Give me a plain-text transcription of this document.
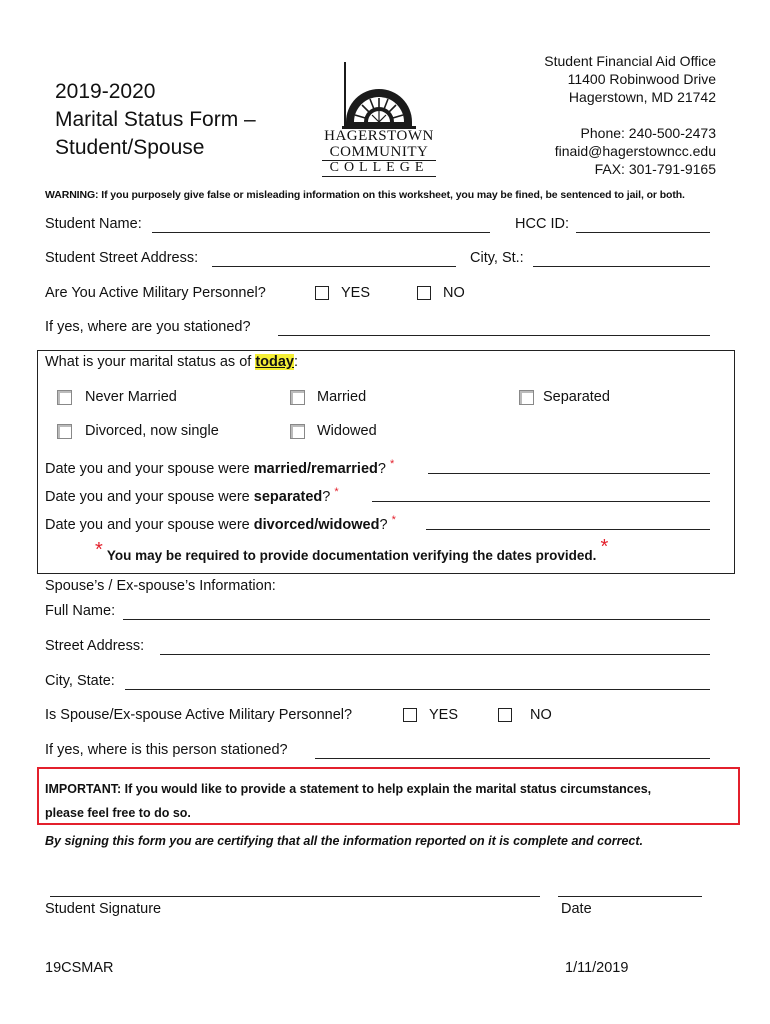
2019-2020
Marital Status Form –
Student/Spouse	HAGERSTOWN
COMMUNITY
COLLEGE
Student Financial Aid Office
11400 Robinwood Drive
Hagerstown, MD 21742
Phone: 240-500-2473
finaid@hagerstowncc.edu
FAX: 301-791-9165
WARNING: If you purposely give false or misleading information on this worksheet, you may be fined, be sentenced to jail, or both.
Student Name:	HCC ID:
Student Street Address:	City, St.:
Are You Active Military Personnel?	YES	NO
If yes, where are you stationed?
What is your marital status as of today:
Never Married	Married	Separated
Divorced, now single	Widowed
Date you and your spouse were married/remarried? *
Date you and your spouse were separated? *
Date you and your spouse were divorced/widowed? *
* You may be required to provide documentation verifying the dates provided. *
Spouse’s / Ex-spouse’s Information:
Full Name:
Street Address:
City, State:
Is Spouse/Ex-spouse Active Military Personnel?	YES	NO
If yes, where is this person stationed?
IMPORTANT: If you would like to provide a statement to help explain the marital status circumstances,
please feel free to do so.
By signing this form you are certifying that all the information reported on it is complete and correct.
Student Signature	Date
19CSMAR	1/11/2019
